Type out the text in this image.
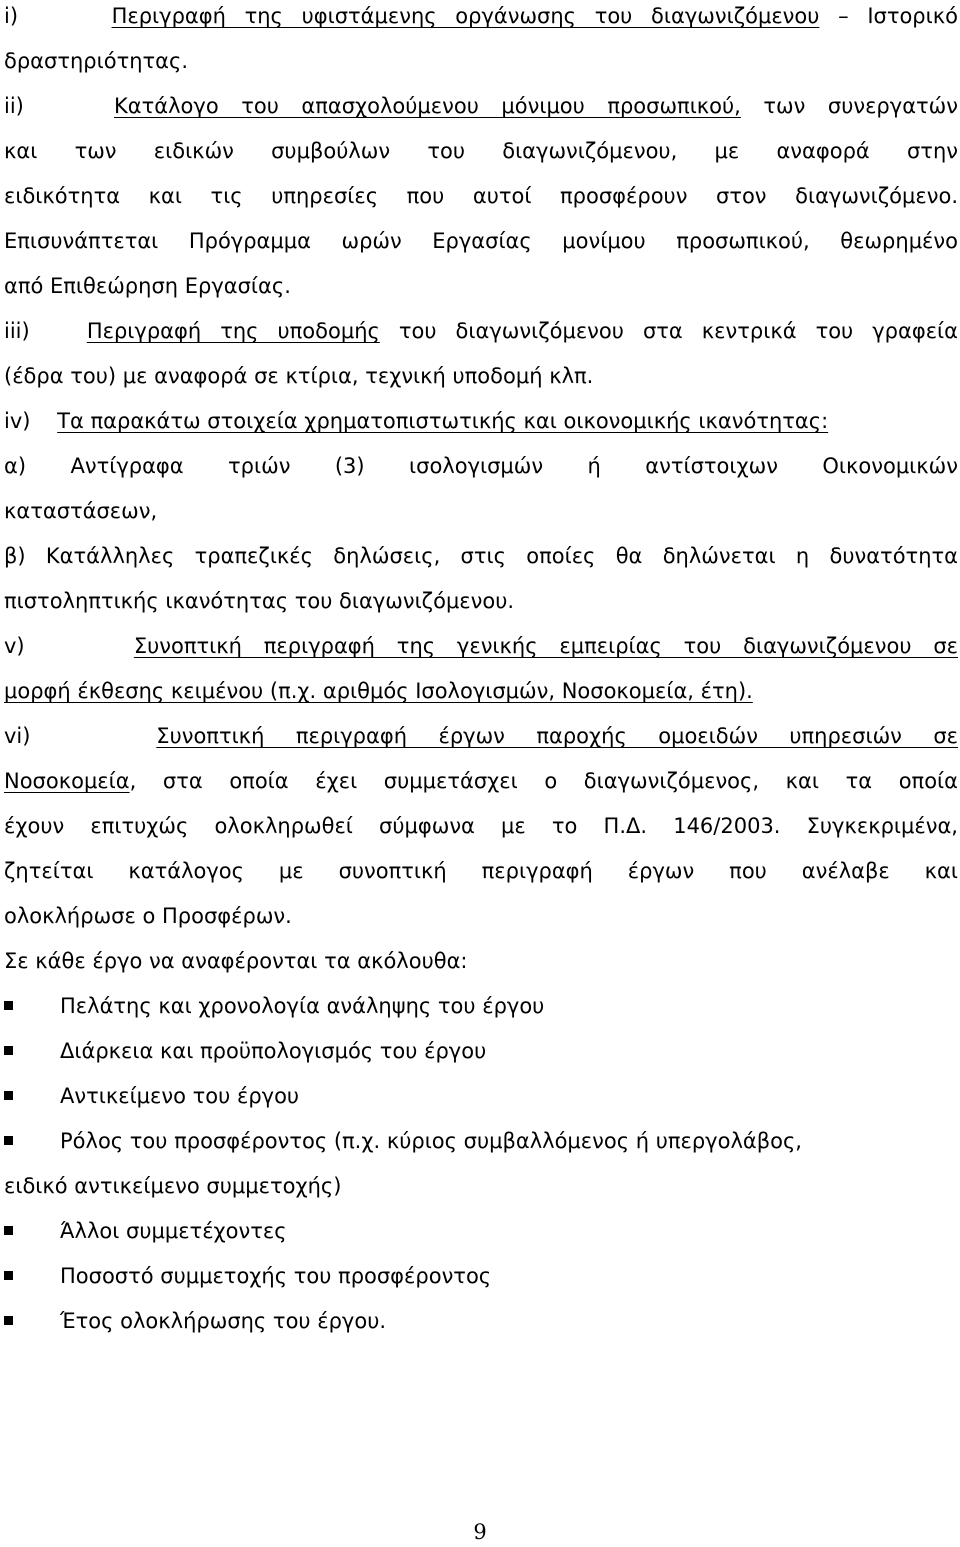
i)	Περιγραφή της υφιστάμενης οργάνωσης του διαγωνιζόμενου – Ιστορικό
δραστηριότητας.
ii)	Κατάλογο του απασχολούμενου μόνιμου προσωπικού, των συνεργατών
και των ειδικών συμβούλων του διαγωνιζόμενου, με αναφορά στην
ειδικότητα και τις υπηρεσίες που αυτοί προσφέρουν στον διαγωνιζόμενο.
Επισυνάπτεται Πρόγραμμα ωρών Εργασίας μονίμου προσωπικού, θεωρημένο
από Επιθεώρηση Εργασίας.
iii)	Περιγραφή της υποδομής του διαγωνιζόμενου στα κεντρικά του γραφεία
(έδρα του) με αναφορά σε κτίρια, τεχνική υποδομή κλπ.
iv) Τα παρακάτω στοιχεία χρηματοπιστωτικής και οικονομικής ικανότητας:
α) Αντίγραφα τριών (3) ισολογισμών ή αντίστοιχων Οικονομικών
καταστάσεων,
β) Κατάλληλες τραπεζικές δηλώσεις, στις οποίες θα δηλώνεται η δυνατότητα
πιστοληπτικής ικανότητας του διαγωνιζόμενου.
v)	Συνοπτική περιγραφή της γενικής εμπειρίας του διαγωνιζόμενου σε
μορφή έκθεσης κειμένου (π.χ. αριθμός Ισολογισμών, Νοσοκομεία, έτη).
vi)	Συνοπτική περιγραφή έργων παροχής ομοειδών υπηρεσιών σε
Νοσοκομεία, στα οποία έχει συμμετάσχει ο διαγωνιζόμενος, και τα οποία
έχουν επιτυχώς ολοκληρωθεί σύμφωνα με το Π.Δ. 146/2003. Συγκεκριμένα,
ζητείται κατάλογος με συνοπτική περιγραφή έργων που ανέλαβε και
ολοκλήρωσε ο Προσφέρων.
Σε κάθε έργο να αναφέρονται τα ακόλουθα:
Πελάτης και χρονολογία ανάληψης του έργου
Διάρκεια και προϋπολογισμός του έργου
Αντικείμενο του έργου
Ρόλος του προσφέροντος (π.χ. κύριος συμβαλλόμενος ή υπεργολάβος,
ειδικό αντικείμενο συμμετοχής)
Άλλοι συμμετέχοντες
Ποσοστό συμμετοχής του προσφέροντος
Έτος ολοκλήρωσης του έργου.
9
